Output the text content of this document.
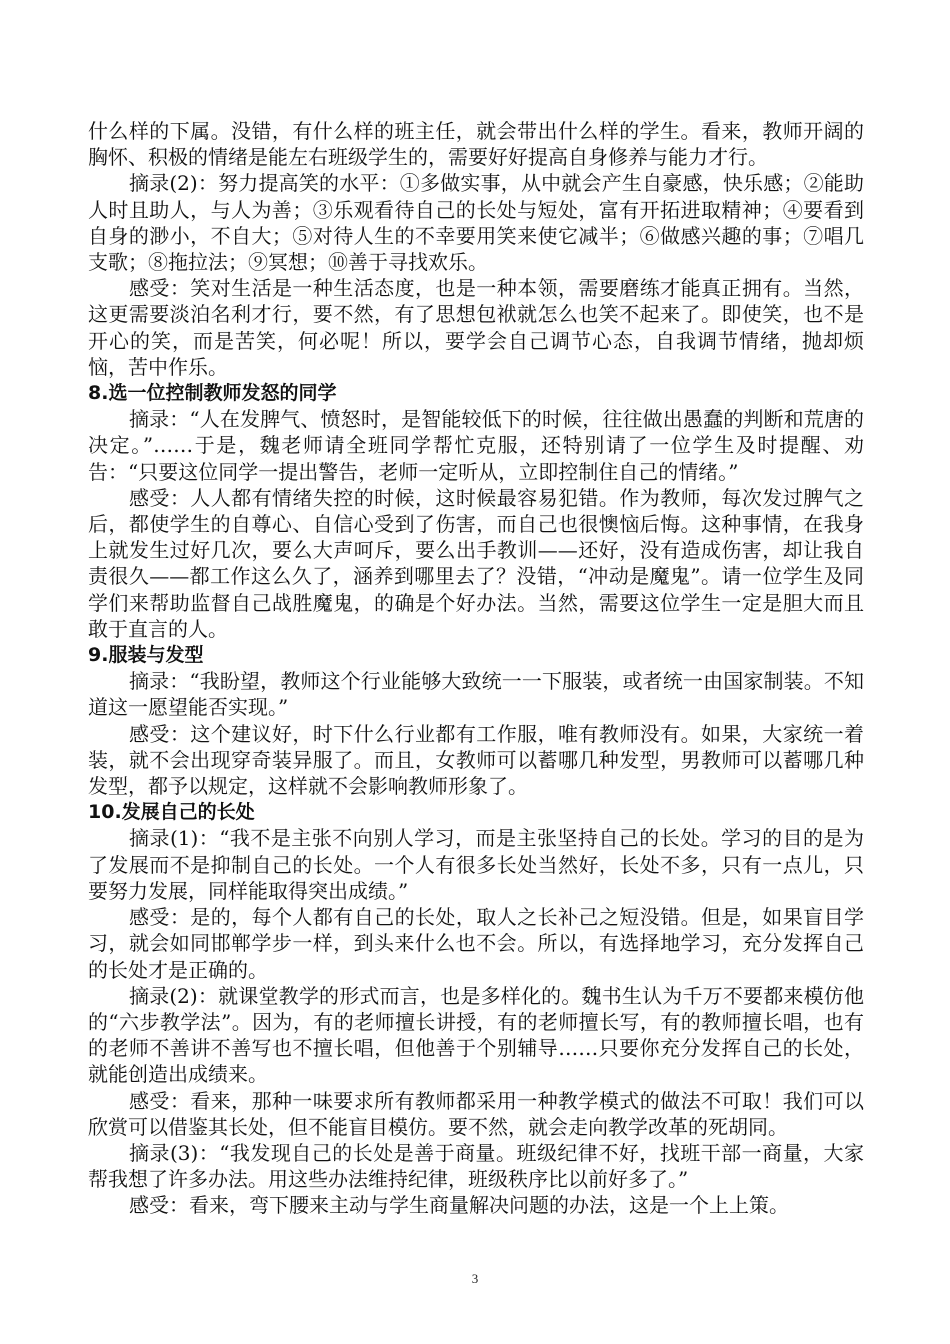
什么样的下属。没错，有什么样的班主任，就会带出什么样的学生。看来，教师开阔的胸怀、积极的情绪是能左右班级学生的，需要好好提高自身修养与能力才行。

摘录(2)：努力提高笑的水平：①多做实事，从中就会产生自豪感，快乐感；②能助人时且助人，与人为善；③乐观看待自己的长处与短处，富有开拓进取精神；④要看到自身的渺小，不自大；⑤对待人生的不幸要用笑来使它减半；⑥做感兴趣的事；⑦唱几支歌；⑧拖拉法；⑨冥想；⑩善于寻找欢乐。

感受：笑对生活是一种生活态度，也是一种本领，需要磨练才能真正拥有。当然，这更需要淡泊名利才行，要不然，有了思想包袱就怎么也笑不起来了。即使笑，也不是开心的笑，而是苦笑，何必呢！所以，要学会自己调节心态，自我调节情绪，抛却烦恼，苦中作乐。

8.选一位控制教师发怒的同学

摘录：“人在发脾气、愤怒时，是智能较低下的时候，往往做出愚蠢的判断和荒唐的决定。”……于是，魏老师请全班同学帮忙克服，还特别请了一位学生及时提醒、劝告：“只要这位同学一提出警告，老师一定听从，立即控制住自己的情绪。”

感受：人人都有情绪失控的时候，这时候最容易犯错。作为教师，每次发过脾气之后，都使学生的自尊心、自信心受到了伤害，而自己也很懊恼后悔。这种事情，在我身上就发生过好几次，要么大声呵斥，要么出手教训——还好，没有造成伤害，却让我自责很久——都工作这么久了，涵养到哪里去了？没错，“冲动是魔鬼”。请一位学生及同学们来帮助监督自己战胜魔鬼，的确是个好办法。当然，需要这位学生一定是胆大而且敢于直言的人。

9.服装与发型

摘录：“我盼望，教师这个行业能够大致统一一下服装，或者统一由国家制装。不知道这一愿望能否实现。”

感受：这个建议好，时下什么行业都有工作服，唯有教师没有。如果，大家统一着装，就不会出现穿奇装异服了。而且，女教师可以蓄哪几种发型，男教师可以蓄哪几种发型，都予以规定，这样就不会影响教师形象了。

10.发展自己的长处

摘录(1)：“我不是主张不向别人学习，而是主张坚持自己的长处。学习的目的是为了发展而不是抑制自己的长处。一个人有很多长处当然好，长处不多，只有一点儿，只要努力发展，同样能取得突出成绩。”

感受：是的，每个人都有自己的长处，取人之长补己之短没错。但是，如果盲目学习，就会如同邯郸学步一样，到头来什么也不会。所以，有选择地学习，充分发挥自己的长处才是正确的。

摘录(2)：就课堂教学的形式而言，也是多样化的。魏书生认为千万不要都来模仿他的“六步教学法”。因为，有的老师擅长讲授，有的老师擅长写，有的教师擅长唱，也有的老师不善讲不善写也不擅长唱，但他善于个别辅导……只要你充分发挥自己的长处，就能创造出成绩来。

感受：看来，那种一味要求所有教师都采用一种教学模式的做法不可取！我们可以欣赏可以借鉴其长处，但不能盲目模仿。要不然，就会走向教学改革的死胡同。

摘录(3)：“我发现自己的长处是善于商量。班级纪律不好，找班干部一商量，大家帮我想了许多办法。用这些办法维持纪律，班级秩序比以前好多了。”

感受：看来，弯下腰来主动与学生商量解决问题的办法，这是一个上上策。

3
